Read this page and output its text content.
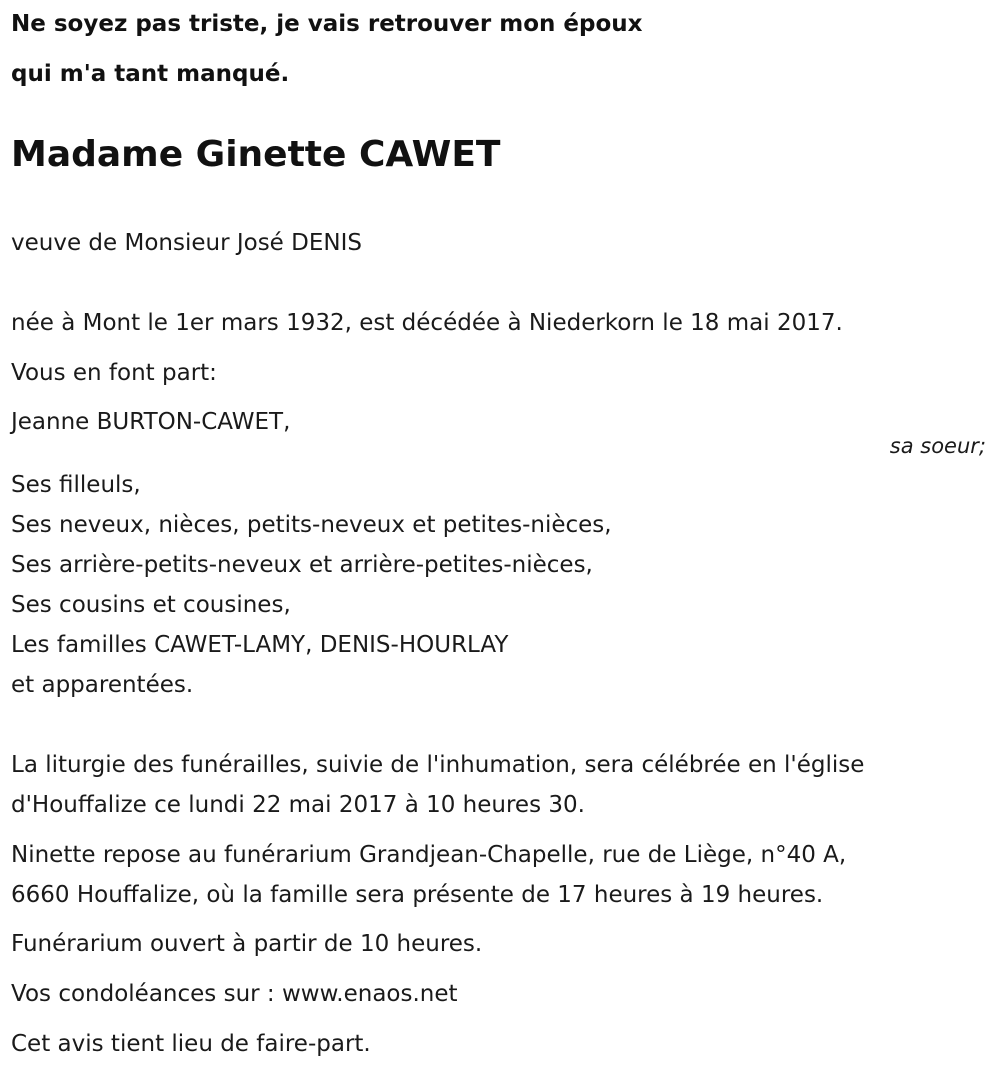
Ne soyez pas triste, je vais retrouver mon époux
qui m'a tant manqué.
Madame Ginette CAWET
veuve de Monsieur José DENIS
née à Mont le 1er mars 1932, est décédée à Niederkorn le 18 mai 2017.
Vous en font part:
Jeanne BURTON-CAWET,
sa soeur;
Ses filleuls,
Ses neveux, nièces, petits-neveux et petites-nièces,
Ses arrière-petits-neveux et arrière-petites-nièces,
Ses cousins et cousines,
Les familles CAWET-LAMY, DENIS-HOURLAY
et apparentées.
La liturgie des funérailles, suivie de l'inhumation, sera célébrée en l'église
d'Houffalize ce lundi 22 mai 2017 à 10 heures 30.
Ninette repose au funérarium Grandjean-Chapelle, rue de Liège, n°40 A,
6660 Houffalize, où la famille sera présente de 17 heures à 19 heures.
Funérarium ouvert à partir de 10 heures.
Vos condoléances sur : www.enaos.net
Cet avis tient lieu de faire-part.
